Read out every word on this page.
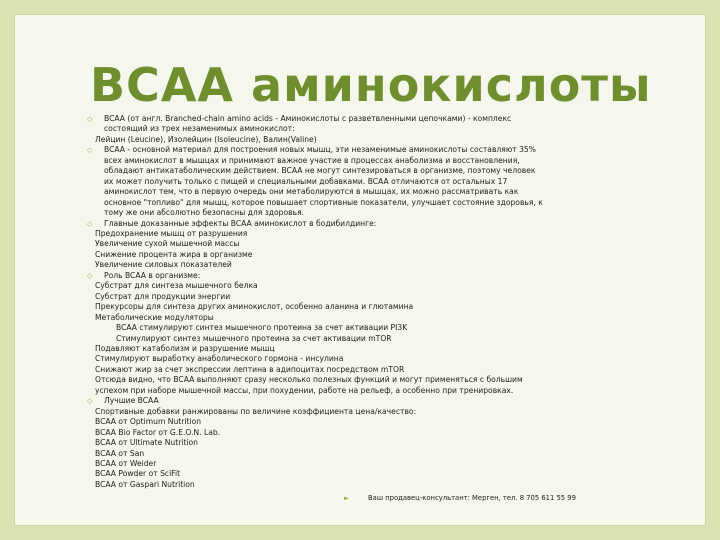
BCAA аминокислоты
◇ BCAA (от англ. Branched-chain amino acids - Аминокислоты с разветвленными цепочками) - комплекс
состоящий из трех незаменимых аминокислот:
Лейцин (Leucine), Изолейцин (Isoleucine), Валин(Valine)
◇ BCAA - основной материал для построения новых мышц, эти незаменимые аминокислоты составляют 35%
всех аминокислот в мышцах и принимают важное участие в процессах анаболизма и восстановления,
обладают антикатаболическим действием. BCAA не могут синтезироваться в организме, поэтому человек
их может получить только с пищей и специальными добавками. BCAA отличаются от остальных 17
аминокислот тем, что в первую очередь они метаболируются в мышцах, их можно рассматривать как
основное "топливо" для мышц, которое повышает спортивные показатели, улучшает состояние здоровья, к
тому же они абсолютно безопасны для здоровья.
◇ Главные доказанные эффекты BCAA аминокислот в бодибилдинге:
Предохранение мышц от разрушения
Увеличение сухой мышечной массы
Снижение процента жира в организме
Увеличение силовых показателей
◇ Роль BCAA в организме:
Субстрат для синтеза мышечного белка
Субстрат для продукции энергии
Прекурсоры для синтеза других аминокислот, особенно аланина и глютамина
Метаболические модуляторы
BCAA стимулируют синтез мышечного протеина за счет активации PI3K
Стимулируют синтез мышечного протеина за счет активации mTOR
Подавляют катаболизм и разрушение мышц
Стимулируют выработку анаболического гормона - инсулина
Снижают жир за счет экспрессии лептина в адипоцитах посредством mTOR
Отсюда видно, что BCAA выполняют сразу несколько полезных функций и могут применяться с большим
успехом при наборе мышечной массы, при похудении, работе на рельеф, а особенно при тренировках.
◇ Лучшие BCAA
Спортивные добавки ранжированы по величине коэффициента цена/качество:
BCAA от Optimum Nutrition
BCAA Bio Factor от G.E.O.N. Lab.
BCAA от Ultimate Nutrition
BCAA от San
BCAA от Weider
BCAA Powder от SciFit
BCAA от Gaspari Nutrition
►	Ваш продавец-консультант: Мерген, тел. 8 705 611 55 99
